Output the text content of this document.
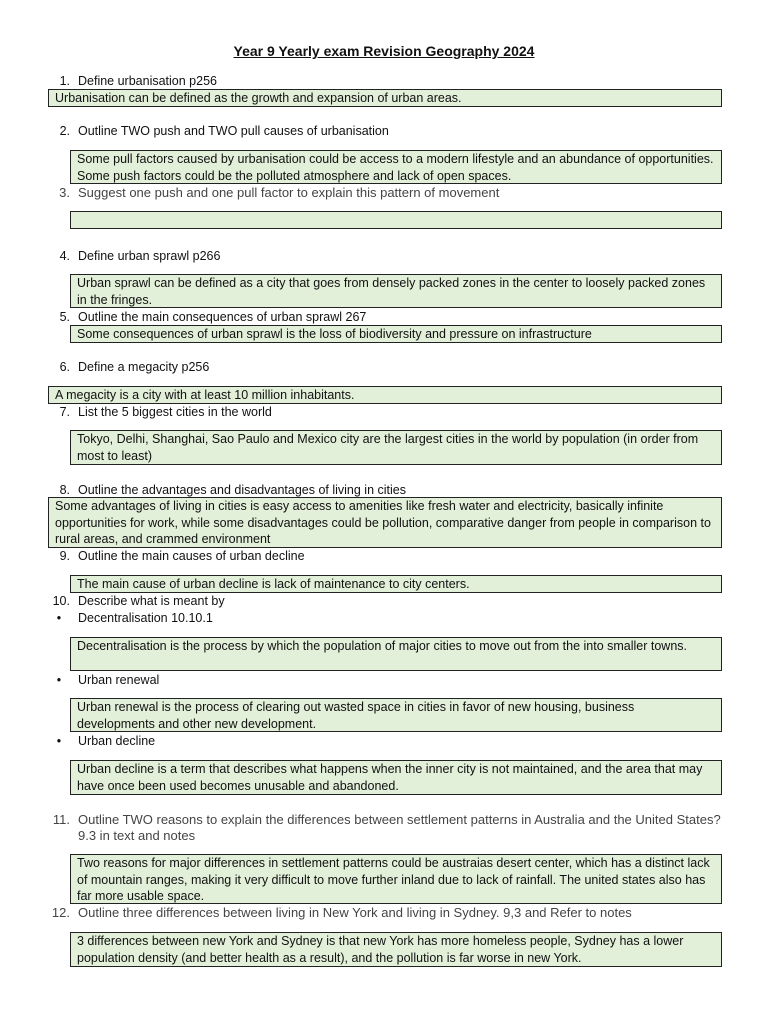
Year 9 Yearly exam Revision Geography 2024
1. Define urbanisation p256
Urbanisation can be defined as the growth and expansion of urban areas.
2. Outline TWO push and TWO pull causes of urbanisation
Some pull factors caused by urbanisation could be access to a modern lifestyle and an abundance of opportunities. Some push factors could be the polluted atmosphere and lack of open spaces.
3. Suggest one push and one pull factor to explain this pattern of movement
4. Define urban sprawl p266
Urban sprawl can be defined as a city that goes from densely packed zones in the center to loosely packed zones in the fringes.
5. Outline the main consequences of urban sprawl 267
Some consequences of urban sprawl is the loss of biodiversity and pressure on infrastructure
6. Define a megacity p256
A megacity is a city with at least 10 million inhabitants.
7. List the 5 biggest cities in the world
Tokyo, Delhi, Shanghai, Sao Paulo and Mexico city are the largest cities in the world by population (in order from most to least)
8. Outline the advantages and disadvantages of living in cities
Some advantages of living in cities is easy access to amenities like fresh water and electricity, basically infinite opportunities for work, while some disadvantages could be pollution, comparative danger from people in comparison to rural areas, and crammed environment
9. Outline the main causes of urban decline
The main cause of urban decline is lack of maintenance to city centers.
10. Describe what is meant by
• Decentralisation 10.10.1
Decentralisation is the process by which the population of major cities to move out from the into smaller towns.
• Urban renewal
Urban renewal is the process of clearing out wasted space in cities in favor of new housing, business developments and other new development.
• Urban decline
Urban decline is a term that describes what happens when the inner city is not maintained, and the area that may have once been used becomes unusable and abandoned.
11. Outline TWO reasons to explain the differences between settlement patterns in Australia and the United States? 9.3 in text and notes
Two reasons for major differences in settlement patterns could be austraias desert center, which has a distinct lack of mountain ranges, making it very difficult to move further inland due to lack of rainfall. The united states also has far more usable space.
12. Outline three differences between living in New York and living in Sydney. 9,3 and Refer to notes
3 differences between new York and Sydney is that new York has more homeless people, Sydney has a lower population density (and better health as a result), and the pollution is far worse in new York.
